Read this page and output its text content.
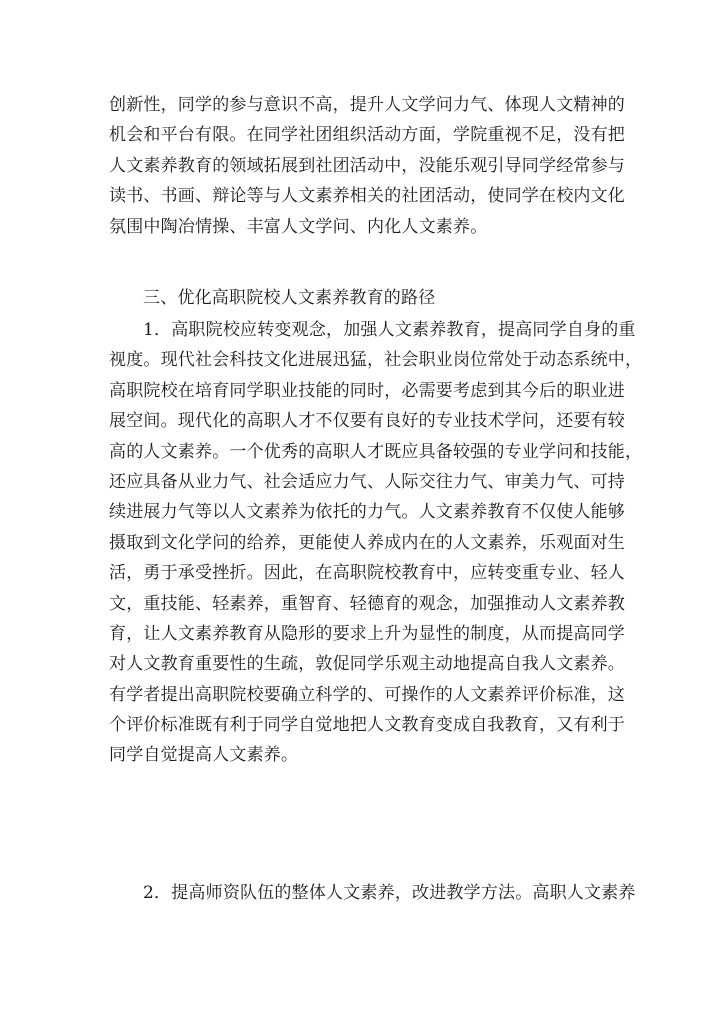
创新性，同学的参与意识不高，提升人文学问力气、体现人文精神的
机会和平台有限。在同学社团组织活动方面，学院重视不足，没有把
人文素养教育的领域拓展到社团活动中，没能乐观引导同学经常参与
读书、书画、辩论等与人文素养相关的社团活动，使同学在校内文化
氛围中陶冶情操、丰富人文学问、内化人文素养。
三、优化高职院校人文素养教育的路径
1．高职院校应转变观念，加强人文素养教育，提高同学自身的重
视度。现代社会科技文化进展迅猛，社会职业岗位常处于动态系统中，
高职院校在培育同学职业技能的同时，必需要考虑到其今后的职业进
展空间。现代化的高职人才不仅要有良好的专业技术学问，还要有较
高的人文素养。一个优秀的高职人才既应具备较强的专业学问和技能，
还应具备从业力气、社会适应力气、人际交往力气、审美力气、可持
续进展力气等以人文素养为依托的力气。人文素养教育不仅使人能够
摄取到文化学问的给养，更能使人养成内在的人文素养，乐观面对生
活，勇于承受挫折。因此，在高职院校教育中，应转变重专业、轻人
文，重技能、轻素养，重智育、轻德育的观念，加强推动人文素养教
育，让人文素养教育从隐形的要求上升为显性的制度，从而提高同学
对人文教育重要性的生疏，敦促同学乐观主动地提高自我人文素养。
有学者提出高职院校要确立科学的、可操作的人文素养评价标准，这
个评价标准既有利于同学自觉地把人文教育变成自我教育，又有利于
同学自觉提高人文素养。
2．提高师资队伍的整体人文素养，改进教学方法。高职人文素养
